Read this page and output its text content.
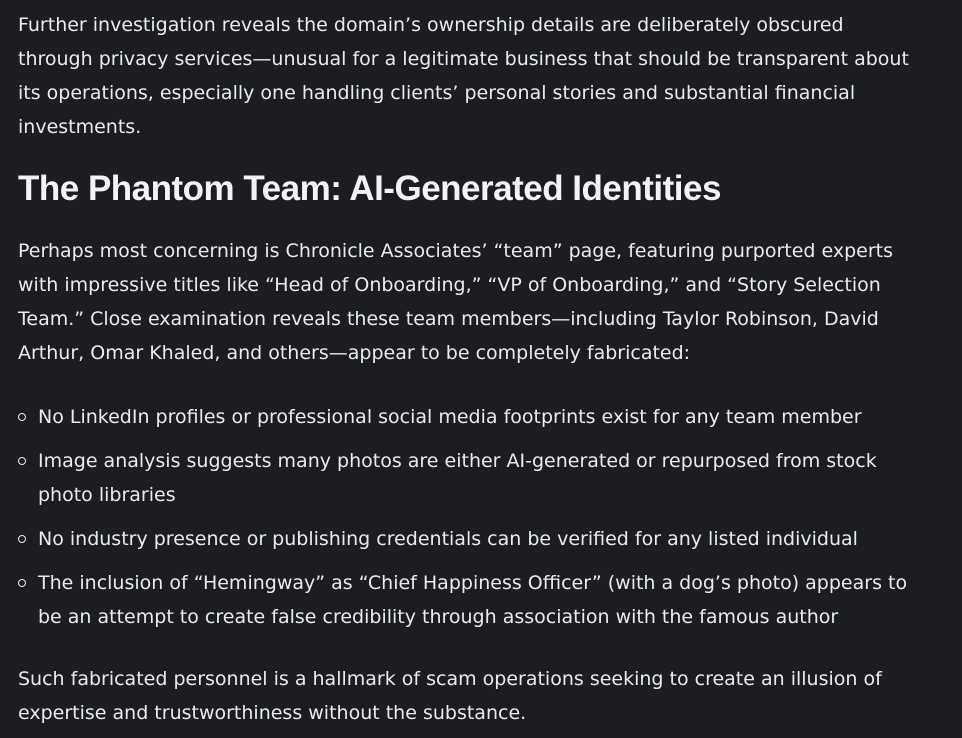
Further investigation reveals the domain’s ownership details are deliberately obscured through privacy services—unusual for a legitimate business that should be transparent about its operations, especially one handling clients’ personal stories and substantial financial investments.

The Phantom Team: AI-Generated Identities

Perhaps most concerning is Chronicle Associates’ “team” page, featuring purported experts with impressive titles like “Head of Onboarding,” “VP of Onboarding,” and “Story Selection Team.” Close examination reveals these team members—including Taylor Robinson, David Arthur, Omar Khaled, and others—appear to be completely fabricated:

No LinkedIn profiles or professional social media footprints exist for any team member
Image analysis suggests many photos are either AI-generated or repurposed from stock photo libraries
No industry presence or publishing credentials can be verified for any listed individual
The inclusion of “Hemingway” as “Chief Happiness Officer” (with a dog’s photo) appears to be an attempt to create false credibility through association with the famous author

Such fabricated personnel is a hallmark of scam operations seeking to create an illusion of expertise and trustworthiness without the substance.
